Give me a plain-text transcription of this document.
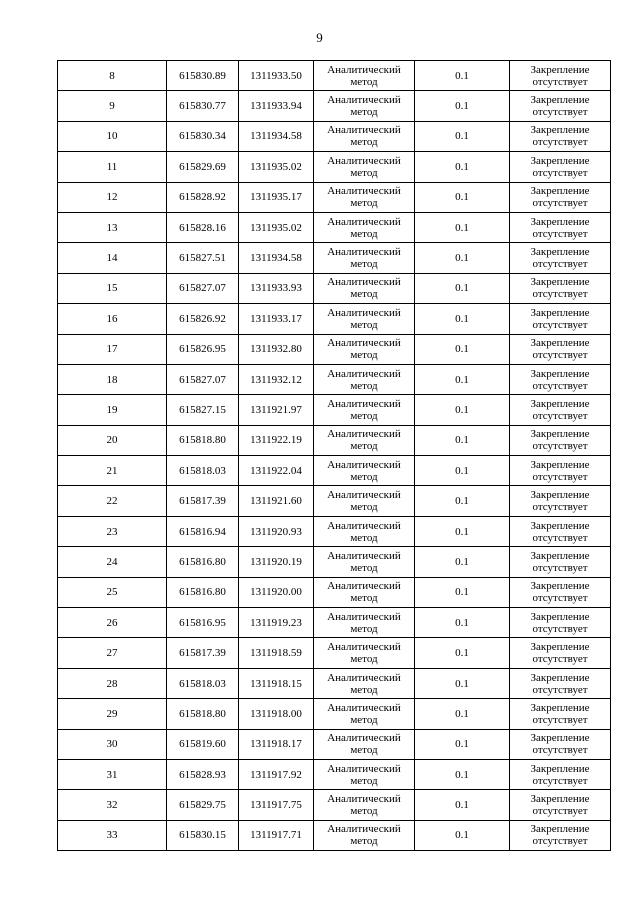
9
8	615830.89	1311933.50	Аналитический
метод	0.1	Закрепление
отсутствует

9	615830.77	1311933.94	Аналитический
метод	0.1	Закрепление
отсутствует

10	615830.34	1311934.58	Аналитический
метод	0.1	Закрепление
отсутствует

11	615829.69	1311935.02	Аналитический
метод	0.1	Закрепление
отсутствует

12	615828.92	1311935.17	Аналитический
метод	0.1	Закрепление
отсутствует

13	615828.16	1311935.02	Аналитический
метод	0.1	Закрепление
отсутствует

14	615827.51	1311934.58	Аналитический
метод	0.1	Закрепление
отсутствует

15	615827.07	1311933.93	Аналитический
метод	0.1	Закрепление
отсутствует

16	615826.92	1311933.17	Аналитический
метод	0.1	Закрепление
отсутствует

17	615826.95	1311932.80	Аналитический
метод	0.1	Закрепление
отсутствует

18	615827.07	1311932.12	Аналитический
метод	0.1	Закрепление
отсутствует

19	615827.15	1311921.97	Аналитический
метод	0.1	Закрепление
отсутствует

20	615818.80	1311922.19	Аналитический
метод	0.1	Закрепление
отсутствует

21	615818.03	1311922.04	Аналитический
метод	0.1	Закрепление
отсутствует

22	615817.39	1311921.60	Аналитический
метод	0.1	Закрепление
отсутствует

23	615816.94	1311920.93	Аналитический
метод	0.1	Закрепление
отсутствует

24	615816.80	1311920.19	Аналитический
метод	0.1	Закрепление
отсутствует

25	615816.80	1311920.00	Аналитический
метод	0.1	Закрепление
отсутствует

26	615816.95	1311919.23	Аналитический
метод	0.1	Закрепление
отсутствует

27	615817.39	1311918.59	Аналитический
метод	0.1	Закрепление
отсутствует

28	615818.03	1311918.15	Аналитический
метод	0.1	Закрепление
отсутствует

29	615818.80	1311918.00	Аналитический
метод	0.1	Закрепление
отсутствует

30	615819.60	1311918.17	Аналитический
метод	0.1	Закрепление
отсутствует

31	615828.93	1311917.92	Аналитический
метод	0.1	Закрепление
отсутствует

32	615829.75	1311917.75	Аналитический
метод	0.1	Закрепление
отсутствует

33	615830.15	1311917.71	Аналитический
метод	0.1	Закрепление
отсутствует
